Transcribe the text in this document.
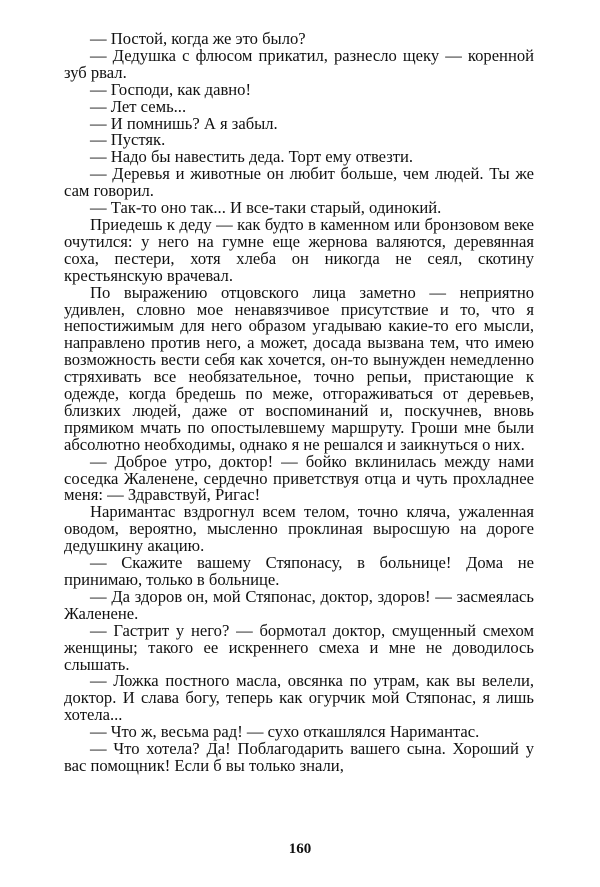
— Постой, когда же это было?

— Дедушка с флюсом прикатил, разнесло щеку — коренной зуб рвал.

— Господи, как давно!

— Лет семь...

— И помнишь? А я забыл.

— Пустяк.

— Надо бы навестить деда. Торт ему отвезти.

— Деревья и животные он любит больше, чем людей. Ты же сам говорил.

— Так-то оно так... И все-таки старый, одинокий.

Приедешь к деду — как будто в каменном или бронзовом веке очутился: у него на гумне еще жернова валяются, деревянная соха, пестери, хотя хлеба он никогда не сеял, скотину крестьянскую врачевал.

По выражению отцовского лица заметно — неприятно удивлен, словно мое ненавязчивое присутствие и то, что я непостижимым для него образом угадываю какие-то его мысли, направлено против него, а может, досада вызвана тем, что имею возможность вести себя как хочется, он-то вынужден немедленно стряхивать все необязательное, точно репьи, пристающие к одежде, когда бредешь по меже, отгораживаться от деревьев, близких людей, даже от воспоминаний и, поскучнев, вновь прямиком мчать по опостылевшему маршруту. Гроши мне были абсолютно необходимы, однако я не решался и заикнуться о них.

— Доброе утро, доктор! — бойко вклинилась между нами соседка Жаленене, сердечно приветствуя отца и чуть прохладнее меня: — Здравствуй, Ригас!

Наримантас вздрогнул всем телом, точно кляча, ужаленная оводом, вероятно, мысленно проклиная выросшую на дороге дедушкину акацию.

— Скажите вашему Стяпонасу, в больнице! Дома не принимаю, только в больнице.

— Да здоров он, мой Стяпонас, доктор, здоров! — засмеялась Жаленене.

— Гастрит у него? — бормотал доктор, смущенный смехом женщины; такого ее искреннего смеха и мне не доводилось слышать.

— Ложка постного масла, овсянка по утрам, как вы велели, доктор. И слава богу, теперь как огурчик мой Стяпонас, я лишь хотела...

— Что ж, весьма рад! — сухо откашлялся Наримантас.

— Что хотела? Да! Поблагодарить вашего сына. Хороший у вас помощник! Если б вы только знали,

160
